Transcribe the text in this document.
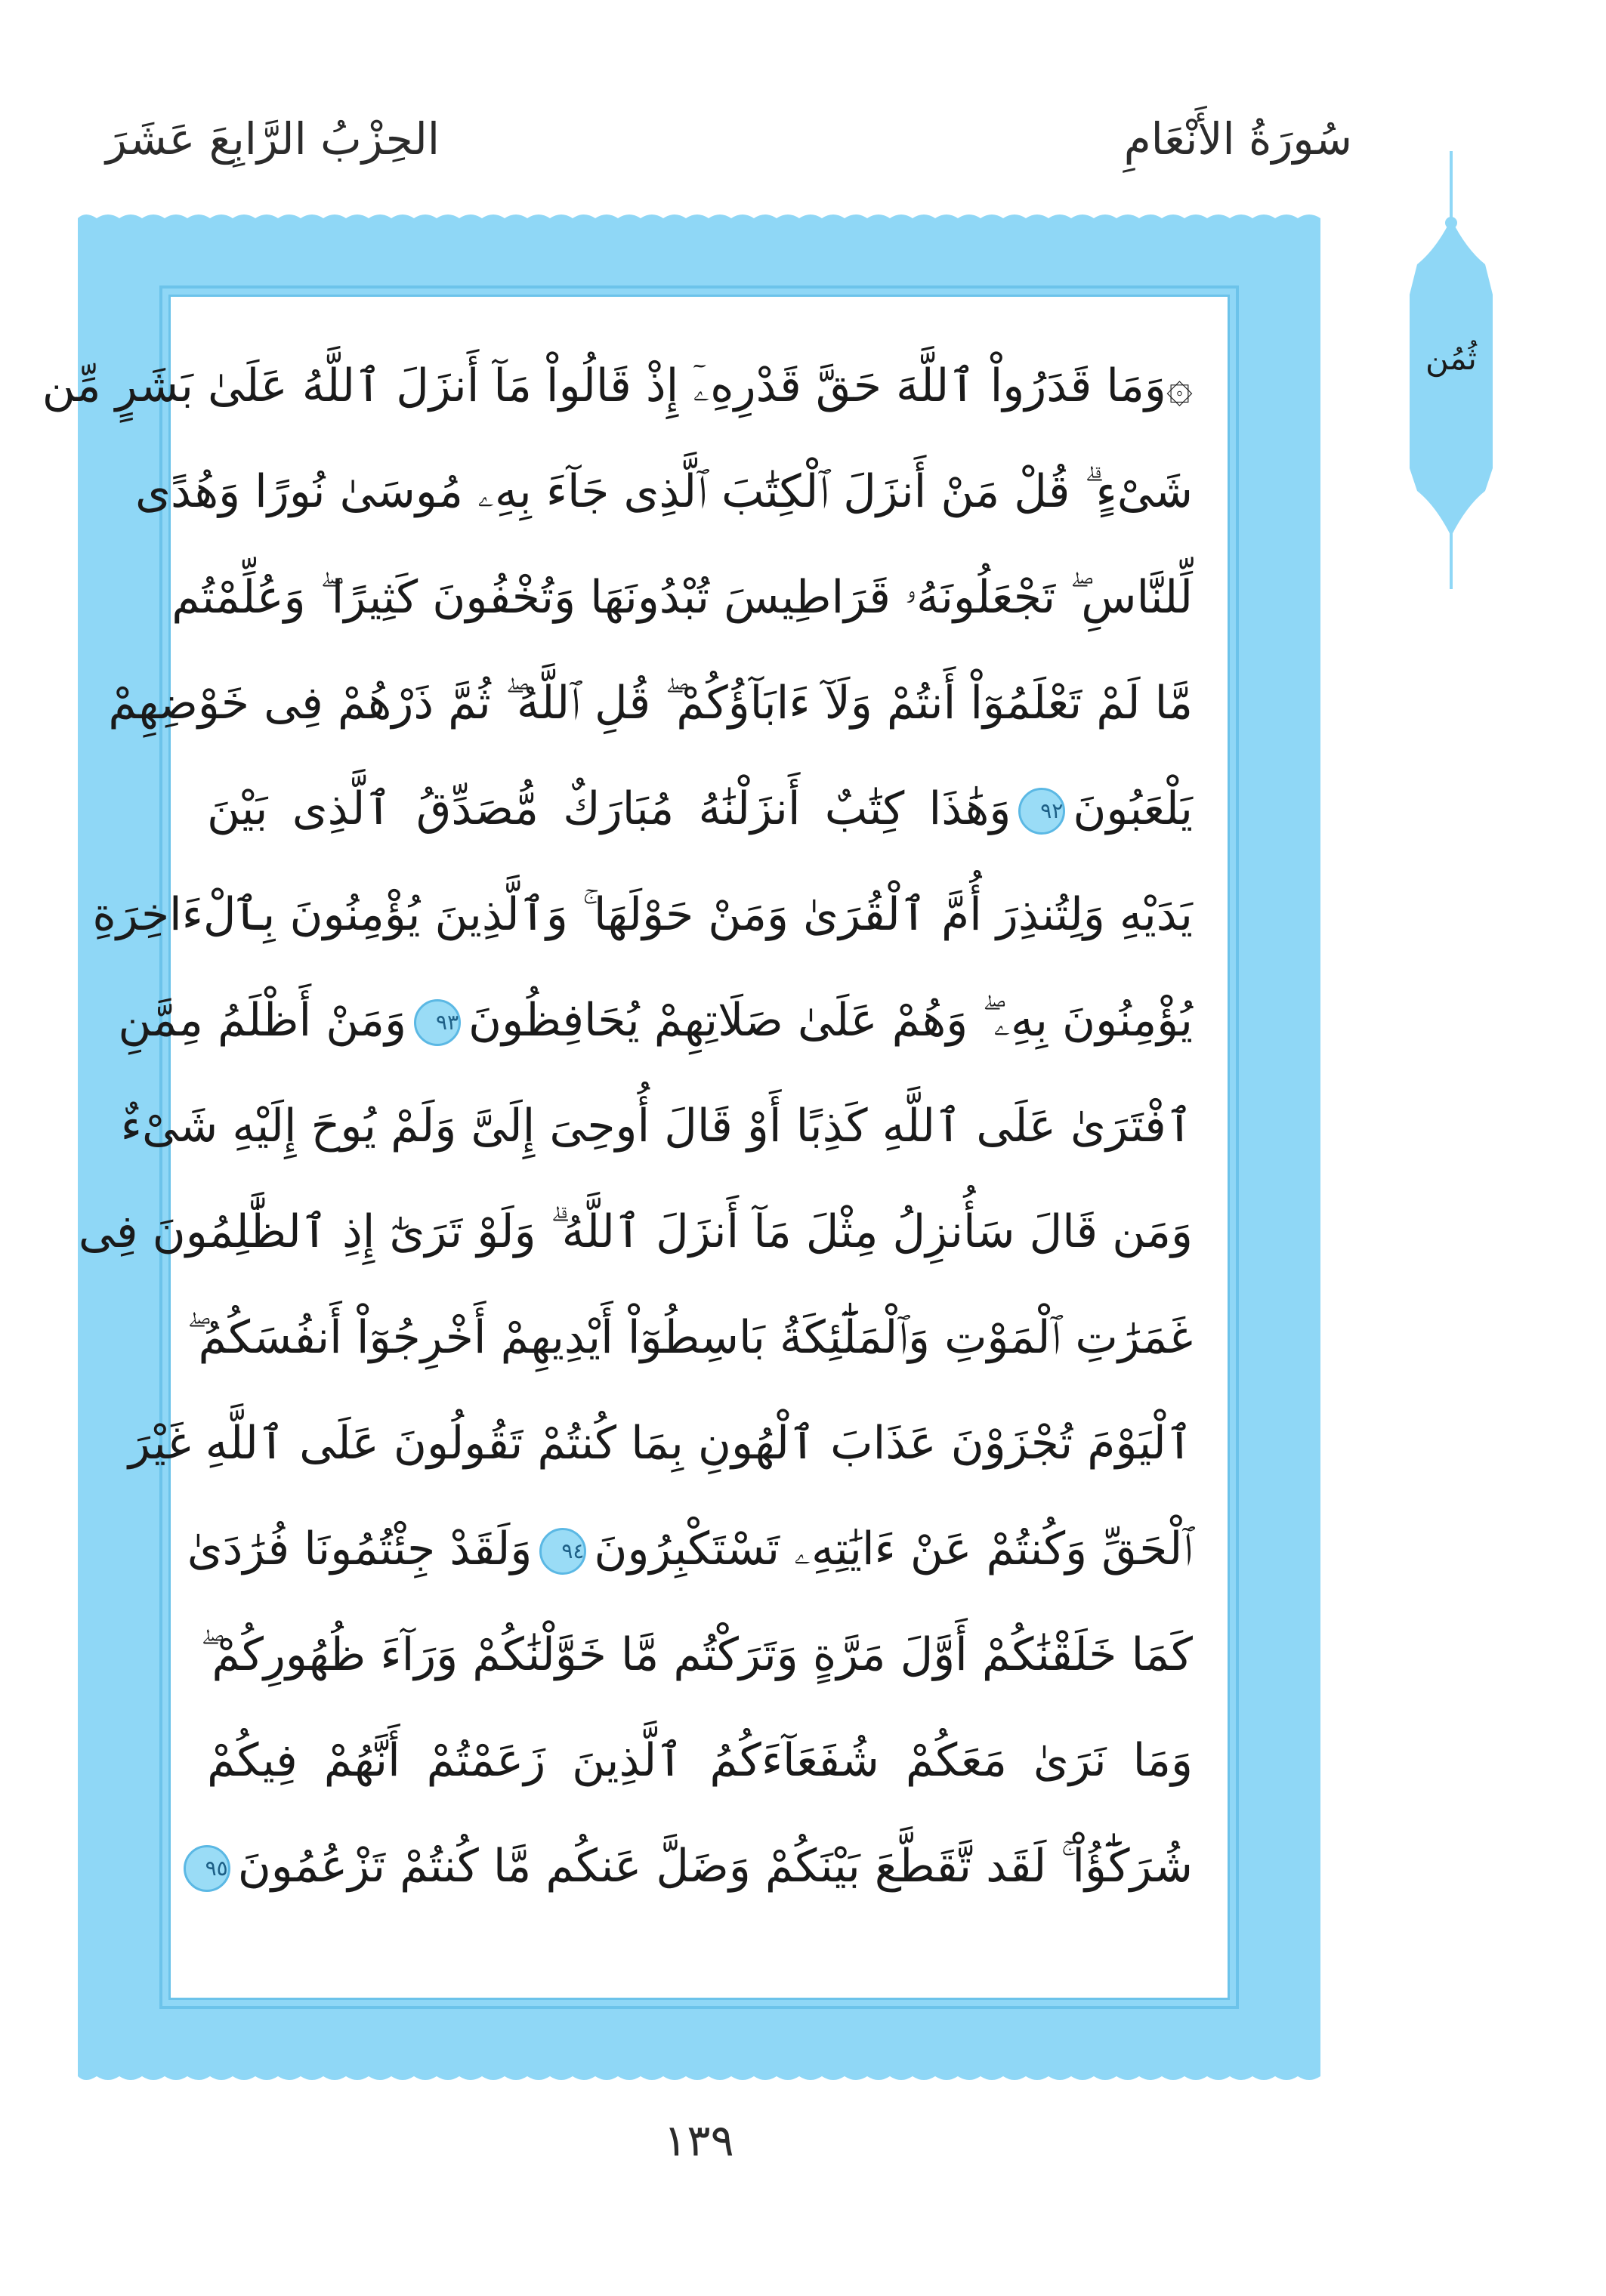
سُورَةُ الأَنْعَامِ
الحِزْبُ الرَّابِعَ عَشَرَ
ثُمُن
۞وَمَا قَدَرُواْ ٱللَّهَ حَقَّ قَدْرِهِۦٓ إِذْ قَالُواْ مَآ أَنزَلَ ٱللَّهُ عَلَىٰ بَشَرٍ مِّن
شَىْءٍ ۗ قُلْ مَنْ أَنزَلَ ٱلْكِتَٰبَ ٱلَّذِى جَآءَ بِهِۦ مُوسَىٰ نُورًا وَهُدًى
لِّلنَّاسِ ۖ تَجْعَلُونَهُۥ قَرَاطِيسَ تُبْدُونَهَا وَتُخْفُونَ كَثِيرًا ۖ وَعُلِّمْتُم
مَّا لَمْ تَعْلَمُوٓاْ أَنتُمْ وَلَآ ءَابَآؤُكُمْ ۖ قُلِ ٱللَّهُ ۖ ثُمَّ ذَرْهُمْ فِى خَوْضِهِمْ
يَلْعَبُونَ٩٢وَهَٰذَا كِتَٰبٌ أَنزَلْنَٰهُ مُبَارَكٌ مُّصَدِّقُ ٱلَّذِى بَيْنَ
يَدَيْهِ وَلِتُنذِرَ أُمَّ ٱلْقُرَىٰ وَمَنْ حَوْلَهَا ۚ وَٱلَّذِينَ يُؤْمِنُونَ بِٱلْءَاخِرَةِ
يُؤْمِنُونَ بِهِۦ ۖ وَهُمْ عَلَىٰ صَلَاتِهِمْ يُحَافِظُونَ٩٣وَمَنْ أَظْلَمُ مِمَّنِ
ٱفْتَرَىٰ عَلَى ٱللَّهِ كَذِبًا أَوْ قَالَ أُوحِىَ إِلَىَّ وَلَمْ يُوحَ إِلَيْهِ شَىْءٌ
وَمَن قَالَ سَأُنزِلُ مِثْلَ مَآ أَنزَلَ ٱللَّهُ ۗ وَلَوْ تَرَىٰٓ إِذِ ٱلظَّٰلِمُونَ فِى
غَمَرَٰتِ ٱلْمَوْتِ وَٱلْمَلَٰٓئِكَةُ بَاسِطُوٓاْ أَيْدِيهِمْ أَخْرِجُوٓاْ أَنفُسَكُمُ ۖ
ٱلْيَوْمَ تُجْزَوْنَ عَذَابَ ٱلْهُونِ بِمَا كُنتُمْ تَقُولُونَ عَلَى ٱللَّهِ غَيْرَ
ٱلْحَقِّ وَكُنتُمْ عَنْ ءَايَٰتِهِۦ تَسْتَكْبِرُونَ٩٤وَلَقَدْ جِئْتُمُونَا فُرَٰدَىٰ
كَمَا خَلَقْنَٰكُمْ أَوَّلَ مَرَّةٍ وَتَرَكْتُم مَّا خَوَّلْنَٰكُمْ وَرَآءَ ظُهُورِكُمْ ۖ
وَمَا نَرَىٰ مَعَكُمْ شُفَعَآءَكُمُ ٱلَّذِينَ زَعَمْتُمْ أَنَّهُمْ فِيكُمْ
شُرَكَٰٓؤُاْ ۚ لَقَد تَّقَطَّعَ بَيْنَكُمْ وَضَلَّ عَنكُم مَّا كُنتُمْ تَزْعُمُونَ٩٥
١٣٩
